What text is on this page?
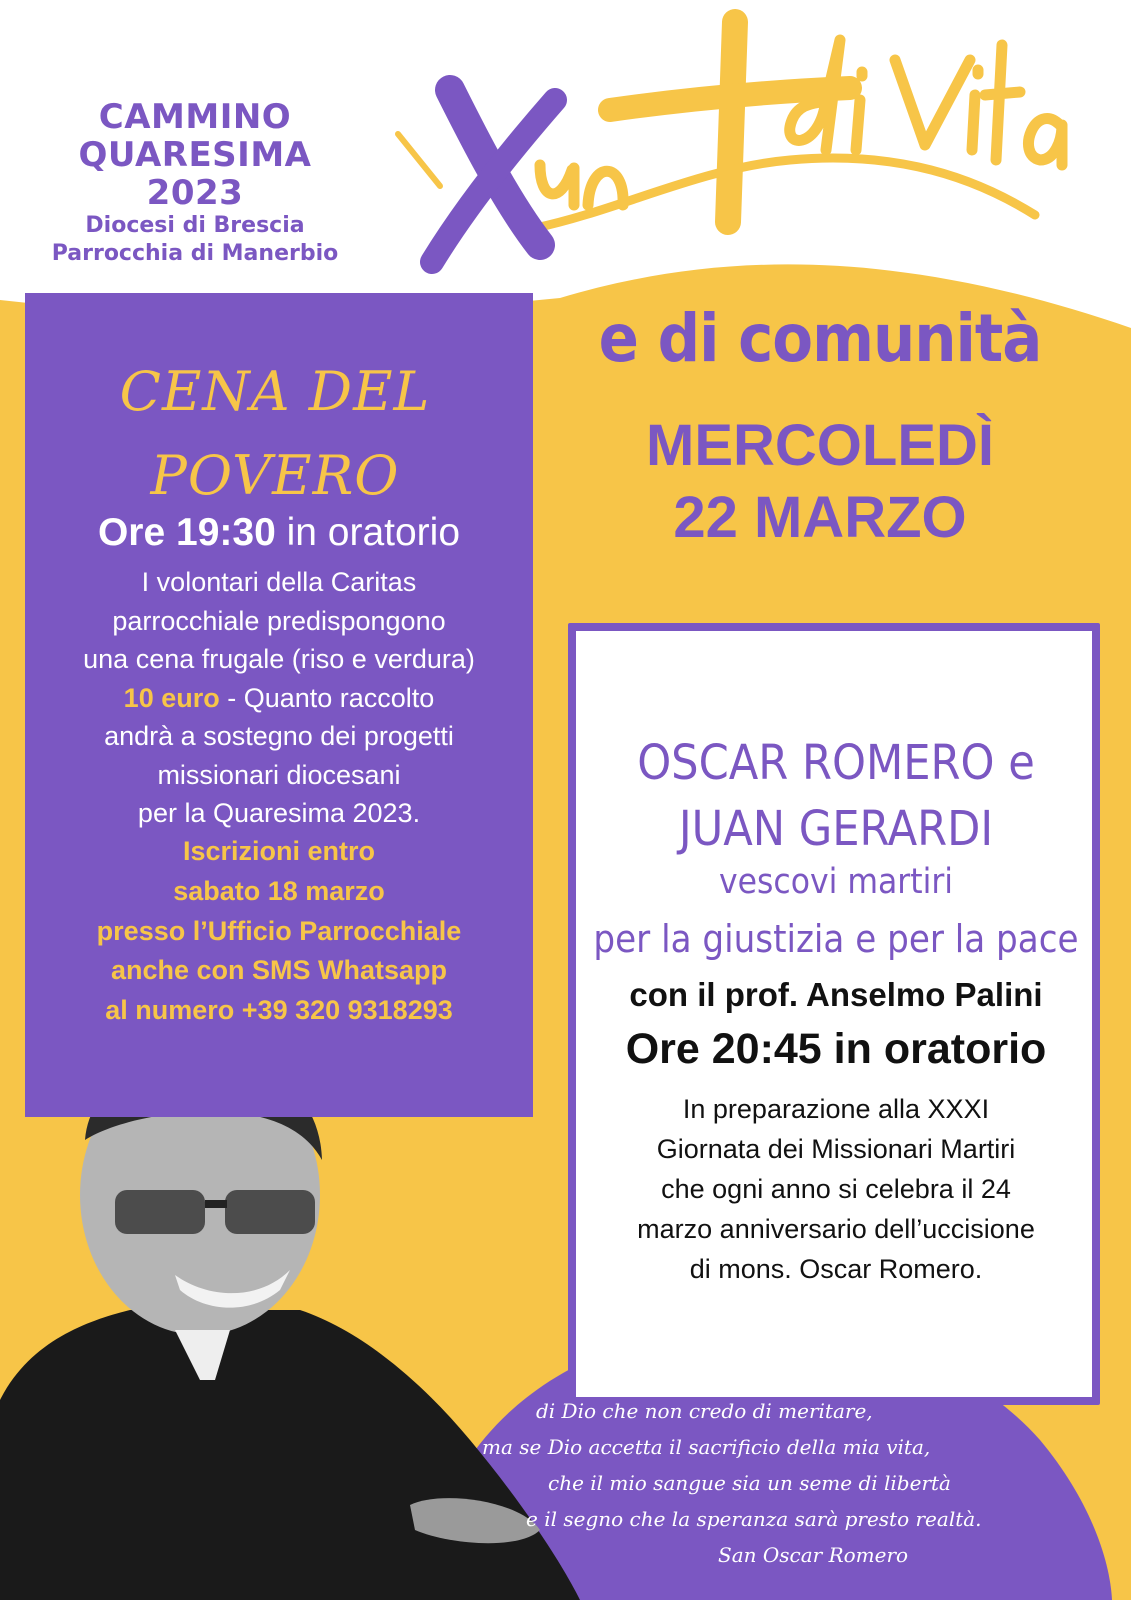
CAMMINO
QUARESIMA
2023
Diocesi di Brescia
Parrocchia di Manerbio
CENA DEL
POVERO
Ore 19:30 in oratorio
I volontari della Caritas
parrocchiale predispongono
una cena frugale (riso e verdura)
10 euro - Quanto raccolto
andrà a sostegno dei progetti
missionari diocesani
per la Quaresima 2023.
Iscrizioni entro
sabato 18 marzo
presso l’Ufficio Parrocchiale
anche con SMS Whatsapp
al numero +39 320 9318293
e di comunità
MERCOLEDÌ
22 MARZO
OSCAR ROMERO e
JUAN GERARDI
vescovi martiri
per la giustizia e per la pace
con il prof. Anselmo Palini
Ore 20:45 in oratorio
In preparazione alla XXXI
Giornata dei Missionari Martiri
che ogni anno si celebra il 24
marzo anniversario dell’uccisione
di mons. Oscar Romero.
Il martirio è una grazia
di Dio che non credo di meritare,
ma se Dio accetta il sacrificio della mia vita,
che il mio sangue sia un seme di libertà
e il segno che la speranza sarà presto realtà.
San Oscar Romero
